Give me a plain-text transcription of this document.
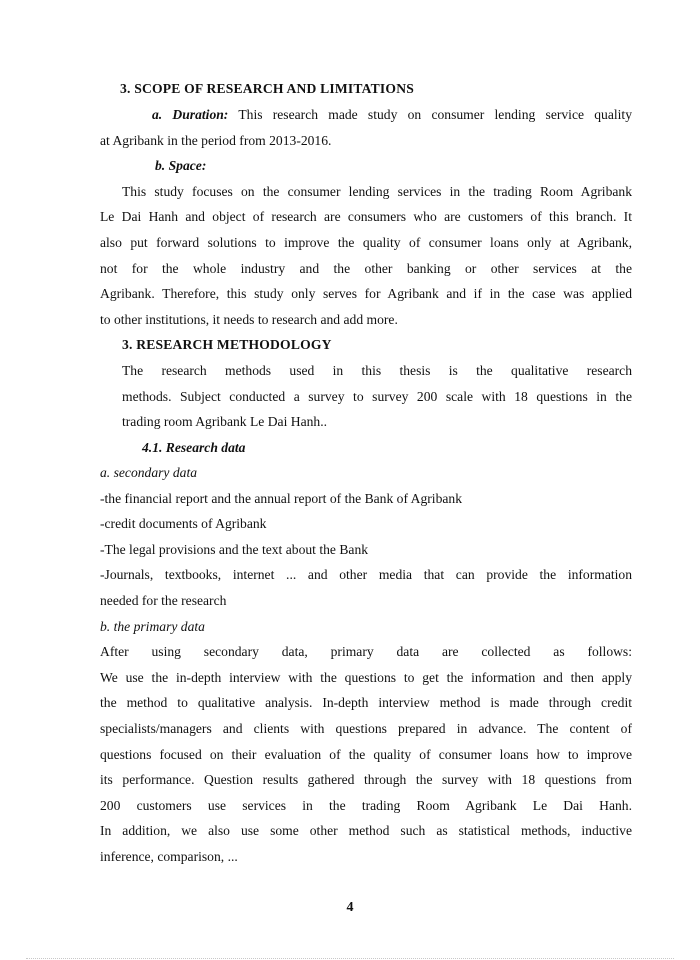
3. SCOPE OF RESEARCH AND LIMITATIONS
a. Duration: This research made study on consumer lending service quality
at Agribank in the period from 2013-2016.
b. Space:
This study focuses on the consumer lending services in the trading Room Agribank
Le Dai Hanh and object of research are consumers who are customers of this branch. It
also put forward solutions to improve the quality of consumer loans only at Agribank,
not for the whole industry and the other banking or other services at the
Agribank. Therefore, this study only serves for Agribank and if in the case was applied
to other institutions, it needs to research and add more.
3. RESEARCH METHODOLOGY
The research methods used in this thesis is the qualitative research
methods. Subject conducted a survey to survey 200 scale with 18 questions in the
trading room Agribank Le Dai Hanh..
4.1. Research data
a. secondary data
-the financial report and the annual report of the Bank of Agribank
-credit documents of Agribank
-The legal provisions and the text about the Bank
-Journals, textbooks, internet ... and other media that can provide the information
needed for the research
b. the primary data
After using secondary data, primary data are collected as follows:
We use the in-depth interview with the questions to get the information and then apply
the method to qualitative analysis. In-depth interview method is made through credit
specialists/managers and clients with questions prepared in advance. The content of
questions focused on their evaluation of the quality of consumer loans how to improve
its performance. Question results gathered through the survey with 18 questions from
200 customers use services in the trading Room Agribank Le Dai Hanh.
In addition, we also use some other method such as statistical methods, inductive
inference, comparison, ...
4
